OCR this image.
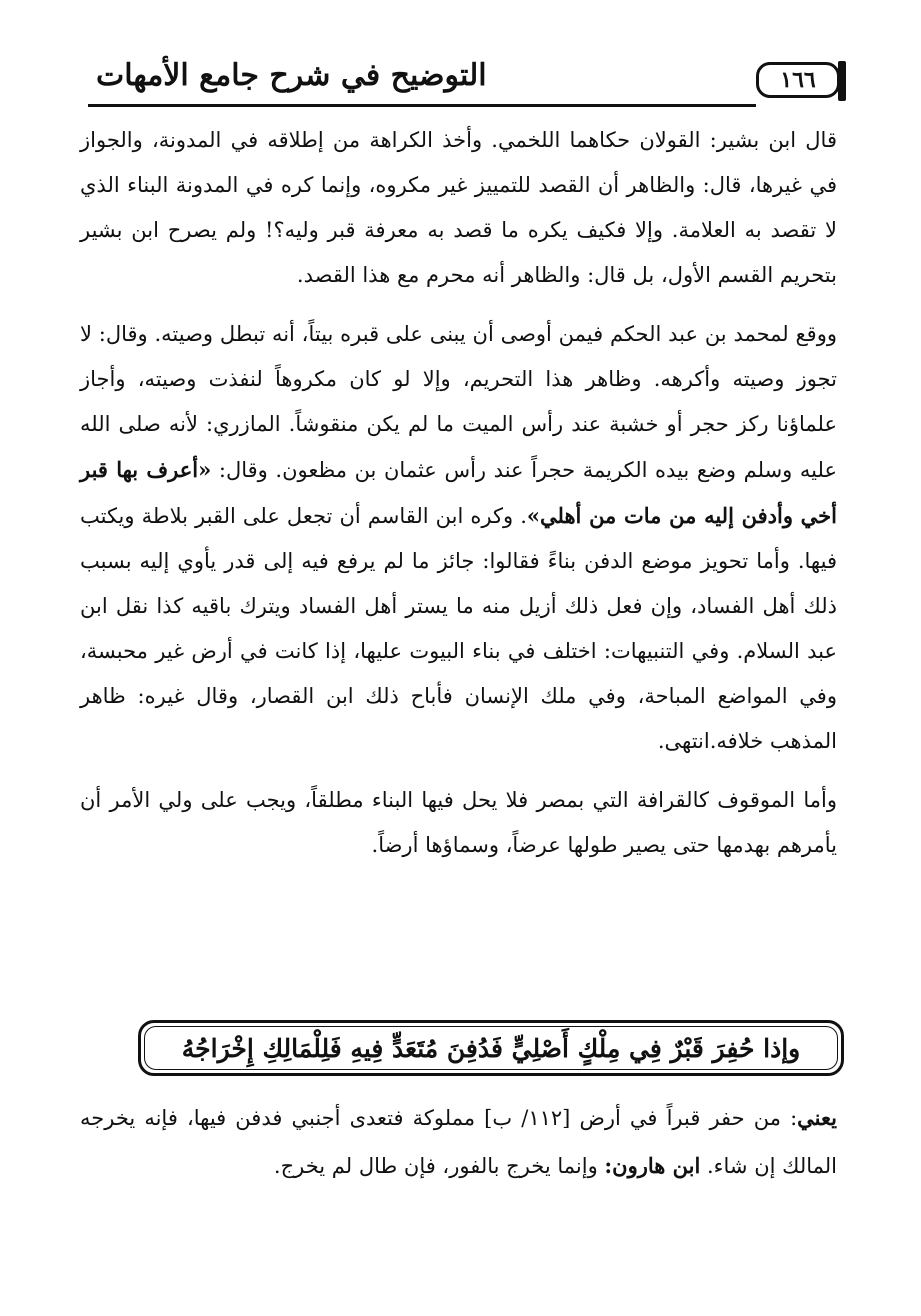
١٦٦
التوضيح في شرح جامع الأمهات

قال ابن بشير: القولان حكاهما اللخمي. وأخذ الكراهة من إطلاقه في المدونة، والجواز في غيرها، قال: والظاهر أن القصد للتمييز غير مكروه، وإنما كره في المدونة البناء الذي لا تقصد به العلامة. وإلا فكيف يكره ما قصد به معرفة قبر وليه؟! ولم يصرح ابن بشير بتحريم القسم الأول، بل قال: والظاهر أنه محرم مع هذا القصد.

ووقع لمحمد بن عبد الحكم فيمن أوصى أن يبنى على قبره بيتاً، أنه تبطل وصيته. وقال: لا تجوز وصيته وأكرهه. وظاهر هذا التحريم، وإلا لو كان مكروهاً لنفذت وصيته، وأجاز علماؤنا ركز حجر أو خشبة عند رأس الميت ما لم يكن منقوشاً. المازري: لأنه صلى الله عليه وسلم وضع بيده الكريمة حجراً عند رأس عثمان بن مظعون. وقال: «أعرف بها قبر أخي وأدفن إليه من مات من أهلي». وكره ابن القاسم أن تجعل على القبر بلاطة ويكتب فيها. وأما تحويز موضع الدفن بناءً فقالوا: جائز ما لم يرفع فيه إلى قدر يأوي إليه بسبب ذلك أهل الفساد، وإن فعل ذلك أزيل منه ما يستر أهل الفساد ويترك باقيه كذا نقل ابن عبد السلام. وفي التنبيهات: اختلف في بناء البيوت عليها، إذا كانت في أرض غير محبسة، وفي المواضع المباحة، وفي ملك الإنسان فأباح ذلك ابن القصار، وقال غيره: ظاهر المذهب خلافه.انتهى.

وأما الموقوف كالقرافة التي بمصر فلا يحل فيها البناء مطلقاً، ويجب على ولي الأمر أن يأمرهم بهدمها حتى يصير طولها عرضاً، وسماؤها أرضاً.

وإذا حُفِرَ قَبْرٌ فِي مِلْكٍ أَصْلِيٍّ فَدُفِنَ مُتَعَدٍّ فِيهِ فَلِلْمَالِكِ إِخْرَاجُهُ

يعني: من حفر قبراً في أرض [١١٢/ ب] مملوكة فتعدى أجنبي فدفن فيها، فإنه يخرجه المالك إن شاء. ابن هارون: وإنما يخرج بالفور، فإن طال لم يخرج.
